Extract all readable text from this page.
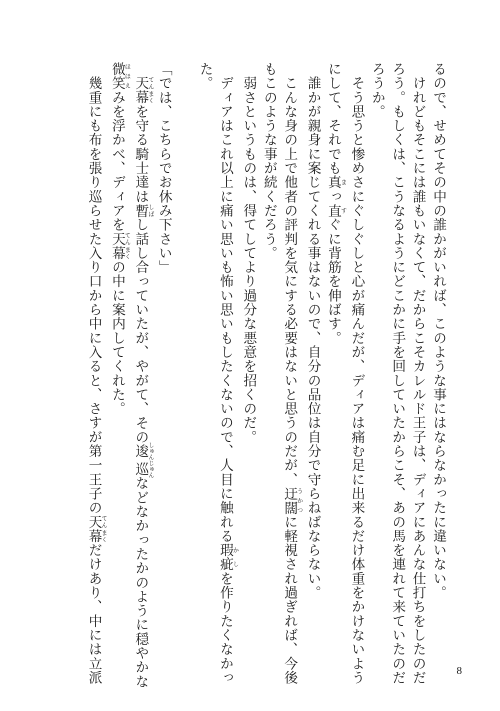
るので、せめてその中の誰かがいれば、このような事にはならなかったに違いない。
　けれどもそこには誰もいなくて、だからこそカレルド王子は、ディアにあんな仕打ちをしたのだ
ろう。もしくは、こうなるようにどこかに手を回していたからこそ、あの馬を連れて来ていたのだ
ろうか。
　そう思うと惨めさにぐしぐしと心が痛んだが、ディアは痛む足に出来るだけ体重をかけないよう
にして、それでも真まっ直すぐに背筋を伸ばす。
　誰かが親身に案じてくれる事はないので、自分の品位は自分で守らねばならない。
　こんな身の上で他者の評判を気にする必要はないと思うのだが、迂闊うかつに軽視され過ぎれば、今後
もこのような事が続くだろう。
　弱さというものは、得てしてより過分な悪意を招くのだ。
　ディアはこれ以上に痛い思いも怖い思いもしたくないので、人目に触れる瑕疵かしを作りたくなかっ
た。
「では、こちらでお休み下さい」
　天幕てんまくを守る騎士達は暫しばし話し合っていたが、やがて、その逡巡しゅんじゅんなどなかったかのように穏やかな
微笑ほほえみを浮かべ、ディアを天幕てんまくの中に案内してくれた。
　幾重にも布を張り巡らせた入り口から中に入ると、さすが第一王子の天幕てんまくだけあり、中には立派	8
